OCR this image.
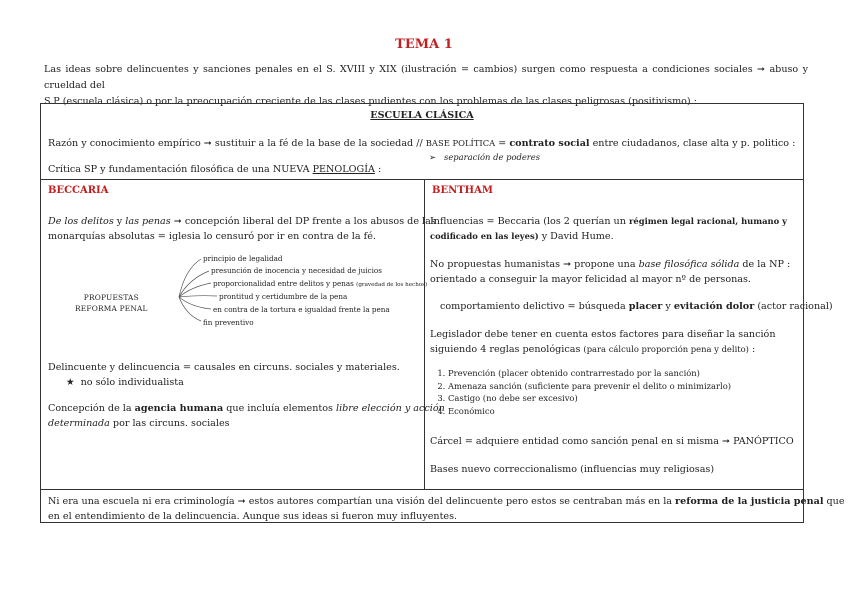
TEMA 1
Las ideas sobre delincuentes y sanciones penales en el S. XVIII y XIX (ilustración = cambios) surgen como respuesta a condiciones sociales ➞ abuso y crueldad del
S.P (escuela clásica) o por la preocupación creciente de las clases pudientes con los problemas de las clases peligrosas (positivismo) :
ESCUELA CLÁSICA
Razón y conocimiento empírico ➞ sustituir a la fé de la base de la sociedad // BASE POLÍTICA = contrato social entre ciudadanos, clase alta y p. politico :
➢ separación de poderes
Crítica SP y fundamentación filosófica de una NUEVA PENOLOGÍA :
BECCARIA
De los delitos y las penas ➞ concepción liberal del DP frente a los abusos de las
monarquías absolutas = iglesia lo censuró por ir en contra de la fé.
PROPUESTAS
REFORMA PENAL
principio de legalidad
presunción de inocencia y necesidad de juicios
proporcionalidad entre delitos y penas (gravedad de los hechos)
prontitud y certidumbre de la pena
en contra de la tortura e igualdad frente la pena
fin preventivo
Delincuente y delincuencia = causales en circuns. sociales y materiales.
★ no sólo individualista
Concepción de la agencia humana que incluía elementos libre elección y acción
determinada por las circuns. sociales
BENTHAM
Influencias = Beccaria (los 2 querían un régimen legal racional, humano y
codificado en las leyes) y David Hume.
No propuestas humanistas ➞ propone una base filosófica sólida de la NP :
orientado a conseguir la mayor felicidad al mayor nº de personas.
comportamiento delictivo = búsqueda placer y evitación dolor (actor racional)
Legislador debe tener en cuenta estos factores para diseñar la sanción
siguiendo 4 reglas penológicas (para cálculo proporción pena y delito) :
1. Prevención (placer obtenido contrarrestado por la sanción)
2. Amenaza sanción (suficiente para prevenir el delito o minimizarlo)
3. Castigo (no debe ser excesivo)
4. Económico
Cárcel = adquiere entidad como sanción penal en si misma ➞ PANÓPTICO
Bases nuevo correccionalismo (influencias muy religiosas)
Ni era una escuela ni era criminología ➞ estos autores compartían una visión del delincuente pero estos se centraban más en la reforma de la justicia penal que
en el entendimiento de la delincuencia. Aunque sus ideas si fueron muy influyentes.
